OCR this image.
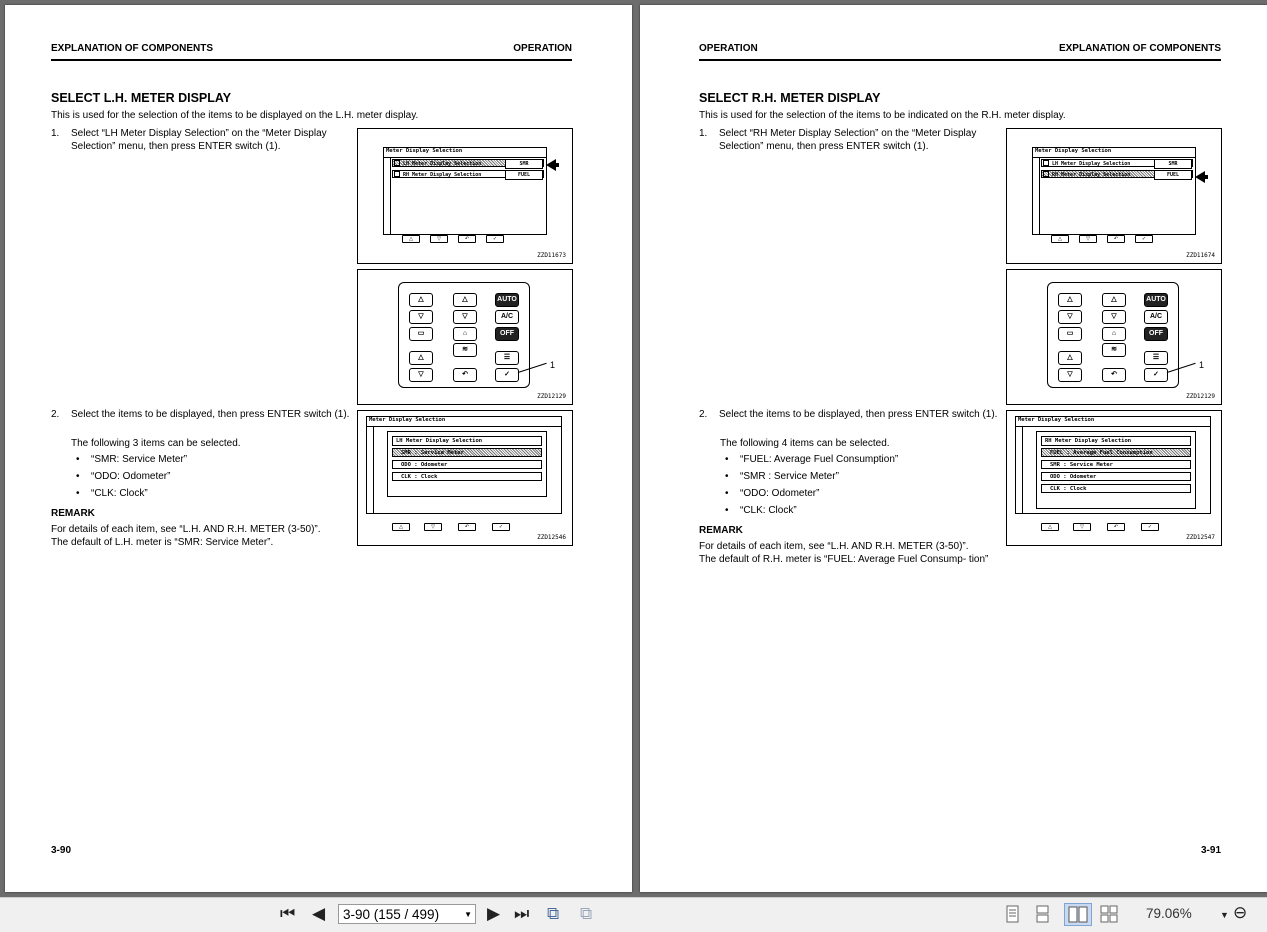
EXPLANATION OF COMPONENTS	OPERATION
SELECT L.H. METER DISPLAY
This is used for the selection of the items to be displayed on the L.H. meter display.
1. Select “LH Meter Display Selection” on the “Meter Display Selection” menu, then press ENTER switch (1).
2. Select the items to be displayed, then press ENTER switch (1).
The following 3 items can be selected.
• “SMR: Service Meter”
• “ODO: Odometer”
• “CLK: Clock”
REMARK
For details of each item, see “L.H. AND R.H. METER (3-50)”.
The default of L.H. meter is “SMR: Service Meter”.
Meter Display Selection
LH Meter Display Selection	SMR
RH Meter Display Selection	FUEL
△	▽	↶	✓
ZZD11673
△
▽
△
▽
AUTO
A/C
▭	⌂	OFF
≋
△
▽	↶
☰
✓
1
ZZD12129
Meter Display Selection
LH Meter Display Selection
SMR : Service Meter
ODO : Odometer
CLK : Clock
△	▽	↶	✓
ZZD12546
3-90
OPERATION	EXPLANATION OF COMPONENTS
SELECT R.H. METER DISPLAY
This is used for the selection of the items to be indicated on the R.H. meter display.
1. Select “RH Meter Display Selection” on the “Meter Display Selection” menu, then press ENTER switch (1).
2. Select the items to be displayed, then press ENTER switch (1).
The following 4 items can be selected.
• “FUEL: Average Fuel Consumption”
• “SMR : Service Meter”
• “ODO: Odometer”
• “CLK: Clock”
REMARK
For details of each item, see “L.H. AND R.H. METER (3-50)”.
The default of R.H. meter is “FUEL: Average Fuel Consump- tion”
Meter Display Selection
LH Meter Display Selection	SMR
RH Meter Display Selection	FUEL
△	▽	↶	✓
ZZD11674
△
▽
△
▽
AUTO
A/C
▭	⌂	OFF
≋
△
▽	↶
☰
✓
1
ZZD12129
Meter Display Selection
RH Meter Display Selection
FUEL : Average Fuel Consumption
SMR : Service Meter
ODO : Odometer
CLK : Clock
△	▽	↶	✓
ZZD12547
3-91
⏮ ◀	3-90 (155 / 499)	▼ ▶ ⏭ ⧉ ⧉	79.06%	▼ ⊖
